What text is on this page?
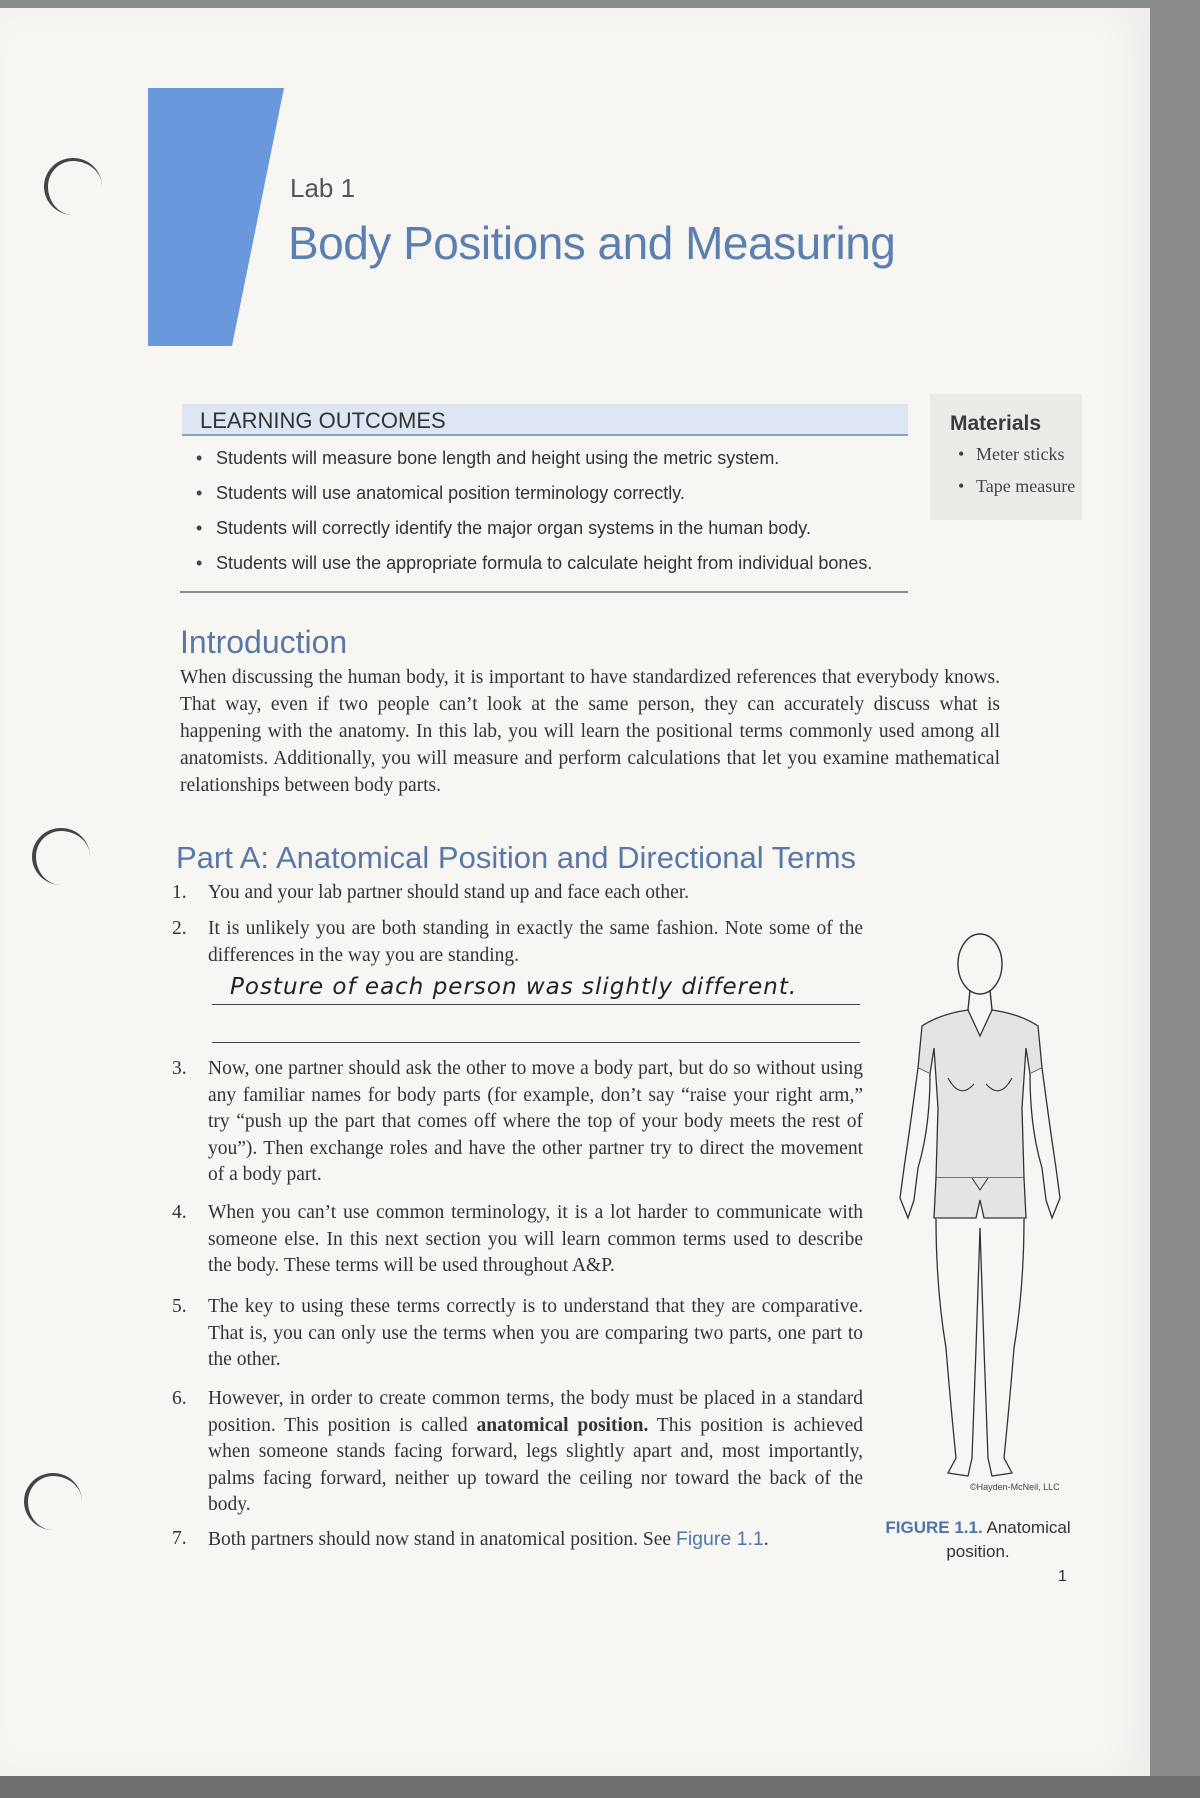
Lab 1
Body Positions and Measuring
LEARNING OUTCOMES
• Students will measure bone length and height using the metric system.
• Students will use anatomical position terminology correctly.
• Students will correctly identify the major organ systems in the human body.
• Students will use the appropriate formula to calculate height from individual bones.
Materials
• Meter sticks
• Tape measure
Introduction
When discussing the human body, it is important to have standardized references that everybody knows. That way, even if two people can’t look at the same person, they can accurately discuss what is happening with the anatomy. In this lab, you will learn the positional terms commonly used among all anatomists. Additionally, you will measure and perform calculations that let you examine mathematical relationships between body parts.
Part A: Anatomical Position and Directional Terms
1.	You and your lab partner should stand up and face each other.
2.	It is unlikely you are both standing in exactly the same fashion. Note some of the differences in the way you are standing.
3.	Now, one partner should ask the other to move a body part, but do so without using any familiar names for body parts (for example, don’t say “raise your right arm,” try “push up the part that comes off where the top of your body meets the rest of you”). Then exchange roles and have the other partner try to direct the movement of a body part.
4.	When you can’t use common terminology, it is a lot harder to communicate with someone else. In this next section you will learn common terms used to describe the body. These terms will be used throughout A&P.
5.	The key to using these terms correctly is to understand that they are comparative. That is, you can only use the terms when you are comparing two parts, one part to the other.
6.	However, in order to create common terms, the body must be placed in a standard position. This position is called anatomical position. This position is achieved when someone stands facing forward, legs slightly apart and, most importantly, palms facing forward, neither up toward the ceiling nor toward the back of the body.
7.	Both partners should now stand in anatomical position. See Figure 1.1.
Posture of each person was slightly different.
©Hayden-McNeil, LLC
FIGURE 1.1. Anatomical position.
1
